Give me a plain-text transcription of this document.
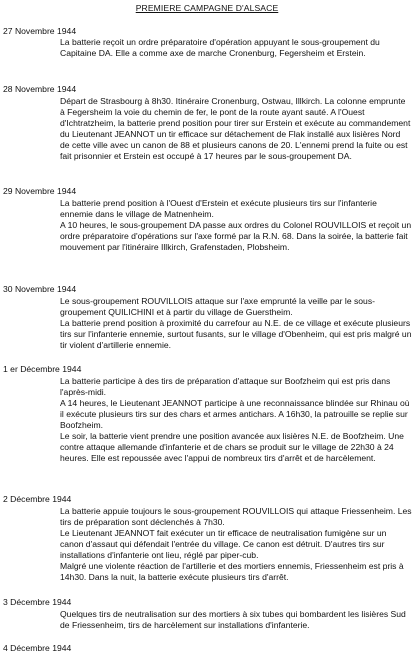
PREMIERE CAMPAGNE D'ALSACE
27 Novembre 1944

La batterie reçoit un ordre préparatoire d'opération appuyant le sous-groupement du Capitaine DA. Elle a comme axe de marche Cronenburg, Fegersheim et Erstein.

28 Novembre 1944

Départ de Strasbourg à 8h30. Itinéraire Cronenburg, Ostwau, Illkirch. La colonne emprunte à Fegersheim la voie du chemin de fer, le pont de la route ayant sauté. A l'Ouest d'Ichtratzheim, la batterie prend position pour tirer sur Erstein et exécute au commandement du Lieutenant JEANNOT un tir efficace sur détachement de Flak installé aux lisières Nord de cette ville avec un canon de 88 et plusieurs canons de 20. L'ennemi prend la fuite ou est fait prisonnier et Erstein est occupé à 17 heures par le sous-groupement DA.

29 Novembre 1944

La batterie prend position à l'Ouest d'Erstein et exécute plusieurs tirs sur l'infanterie ennemie dans le village de Matnenheim.

A 10 heures, le sous-groupement DA passe aux ordres du Colonel ROUVILLOIS et reçoit un ordre préparatoire d'opérations sur l'axe formé par la R.N. 68. Dans la soirée, la batterie fait mouvement par l'itinéraire Illkirch, Grafenstaden, Plobsheim.

30 Novembre 1944

Le sous-groupement ROUVILLOIS attaque sur l'axe emprunté la veille par le sous-groupement QUILICHINI et à partir du village de Guerstheim.

La batterie prend position à proximité du carrefour au N.E. de ce village et exécute plusieurs tirs sur l'infanterie ennemie, surtout fusants, sur le village d'Obenheim, qui est pris malgré un tir violent d'artillerie ennemie.

1 er Décembre 1944

La batterie participe à des tirs de préparation d'attaque sur Boofzheim qui est pris dans l'après-midi.

A 14 heures, le Lieutenant JEANNOT participe à une reconnaissance blindée sur Rhinau où il exécute plusieurs tirs sur des chars et armes antichars. A 16h30, la patrouille se replie sur Boofzheim.

Le soir, la batterie vient prendre une position avancée aux lisières N.E. de Boofzheim. Une contre attaque allemande d'infanterie et de chars se produit sur le village de 22h30 à 24 heures. Elle est repoussée avec l'appui de nombreux tirs d'arrêt et de harcèlement.

2 Décembre 1944

La batterie appuie toujours le sous-groupement ROUVILLOIS qui attaque Friessenheim. Les tirs de préparation sont déclenchés à 7h30.

Le Lieutenant JEANNOT fait exécuter un tir efficace de neutralisation fumigène sur un canon d'assaut qui défendait l'entrée du village. Ce canon est détruit. D'autres tirs sur installations d'infanterie ont lieu, réglé par piper-cub.

Malgré une violente réaction de l'artillerie et des mortiers ennemis, Friessenheim est pris à 14h30. Dans la nuit, la batterie exécute plusieurs tirs d'arrêt.

3 Décembre 1944

Quelques tirs de neutralisation sur des mortiers à six tubes qui bombardent les lisières Sud de Friessenheim, tirs de harcèlement sur installations d'infanterie.

4 Décembre 1944
